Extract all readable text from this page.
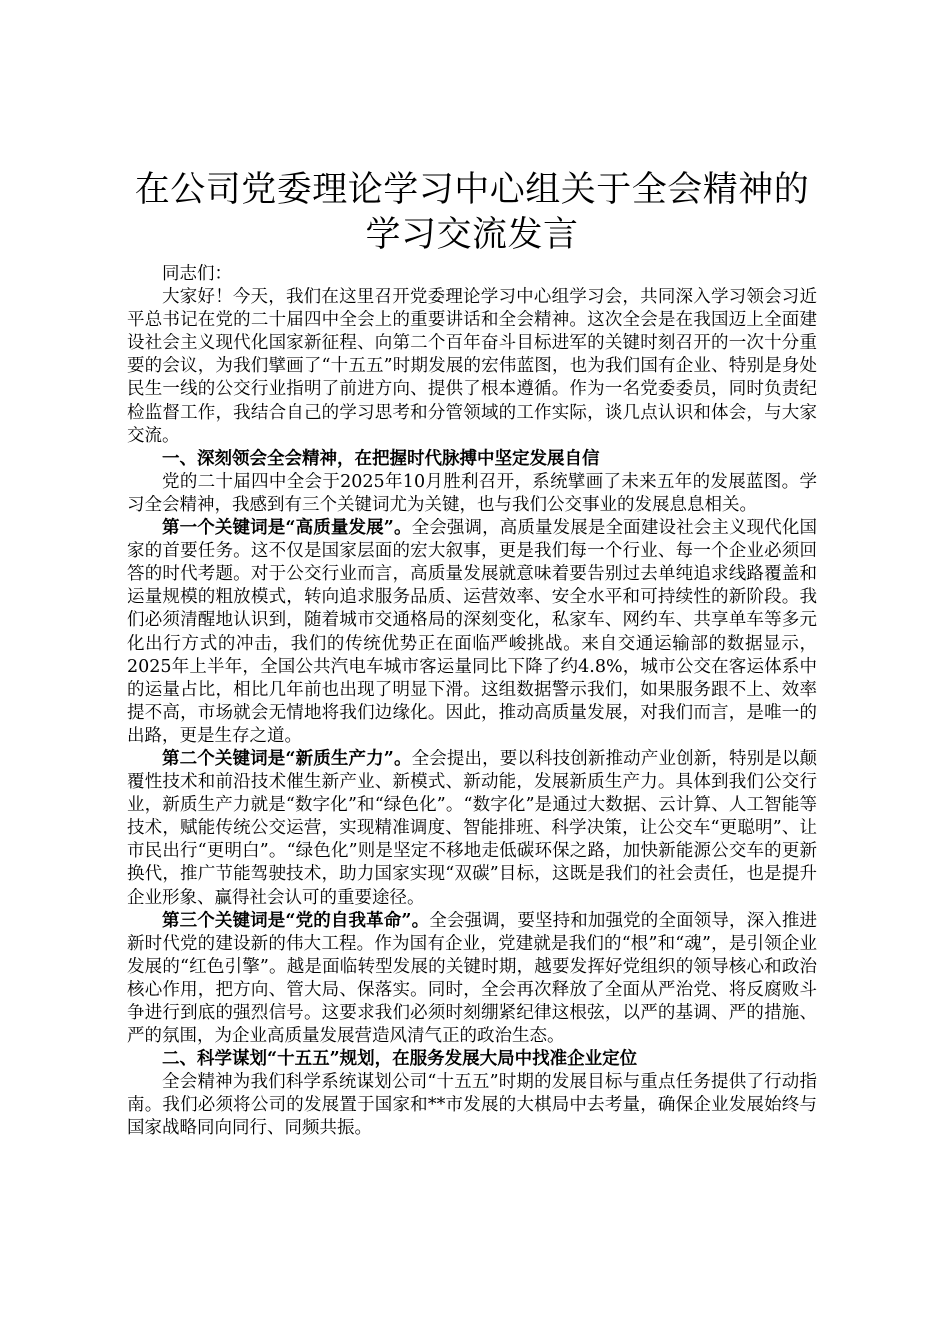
在公司党委理论学习中心组关于全会精神的学习交流发言

同志们：

大家好！今天，我们在这里召开党委理论学习中心组学习会，共同深入学习领会习近平总书记在党的二十届四中全会上的重要讲话和全会精神。这次全会是在我国迈上全面建设社会主义现代化国家新征程、向第二个百年奋斗目标进军的关键时刻召开的一次十分重要的会议，为我们擘画了“十五五”时期发展的宏伟蓝图，也为我们国有企业、特别是身处民生一线的公交行业指明了前进方向、提供了根本遵循。作为一名党委委员，同时负责纪检监督工作，我结合自己的学习思考和分管领域的工作实际，谈几点认识和体会，与大家交流。

一、深刻领会全会精神，在把握时代脉搏中坚定发展自信

党的二十届四中全会于2025年10月胜利召开，系统擘画了未来五年的发展蓝图。学习全会精神，我感到有三个关键词尤为关键，也与我们公交事业的发展息息相关。

第一个关键词是“高质量发展”。全会强调，高质量发展是全面建设社会主义现代化国家的首要任务。这不仅是国家层面的宏大叙事，更是我们每一个行业、每一个企业必须回答的时代考题。对于公交行业而言，高质量发展就意味着要告别过去单纯追求线路覆盖和运量规模的粗放模式，转向追求服务品质、运营效率、安全水平和可持续性的新阶段。我们必须清醒地认识到，随着城市交通格局的深刻变化，私家车、网约车、共享单车等多元化出行方式的冲击，我们的传统优势正在面临严峻挑战。来自交通运输部的数据显示，2025年上半年，全国公共汽电车城市客运量同比下降了约4.8%，城市公交在客运体系中的运量占比，相比几年前也出现了明显下滑。这组数据警示我们，如果服务跟不上、效率提不高，市场就会无情地将我们边缘化。因此，推动高质量发展，对我们而言，是唯一的出路，更是生存之道。

第二个关键词是“新质生产力”。全会提出，要以科技创新推动产业创新，特别是以颠覆性技术和前沿技术催生新产业、新模式、新动能，发展新质生产力。具体到我们公交行业，新质生产力就是“数字化”和“绿色化”。“数字化”是通过大数据、云计算、人工智能等技术，赋能传统公交运营，实现精准调度、智能排班、科学决策，让公交车“更聪明”、让市民出行“更明白”。“绿色化”则是坚定不移地走低碳环保之路，加快新能源公交车的更新换代，推广节能驾驶技术，助力国家实现“双碳”目标，这既是我们的社会责任，也是提升企业形象、赢得社会认可的重要途径。

第三个关键词是“党的自我革命”。全会强调，要坚持和加强党的全面领导，深入推进新时代党的建设新的伟大工程。作为国有企业，党建就是我们的“根”和“魂”，是引领企业发展的“红色引擎”。越是面临转型发展的关键时期，越要发挥好党组织的领导核心和政治核心作用，把方向、管大局、保落实。同时，全会再次释放了全面从严治党、将反腐败斗争进行到底的强烈信号。这要求我们必须时刻绷紧纪律这根弦，以严的基调、严的措施、严的氛围，为企业高质量发展营造风清气正的政治生态。

二、科学谋划“十五五”规划，在服务发展大局中找准企业定位

全会精神为我们科学系统谋划公司“十五五”时期的发展目标与重点任务提供了行动指南。我们必须将公司的发展置于国家和**市发展的大棋局中去考量，确保企业发展始终与国家战略同向同行、同频共振。
